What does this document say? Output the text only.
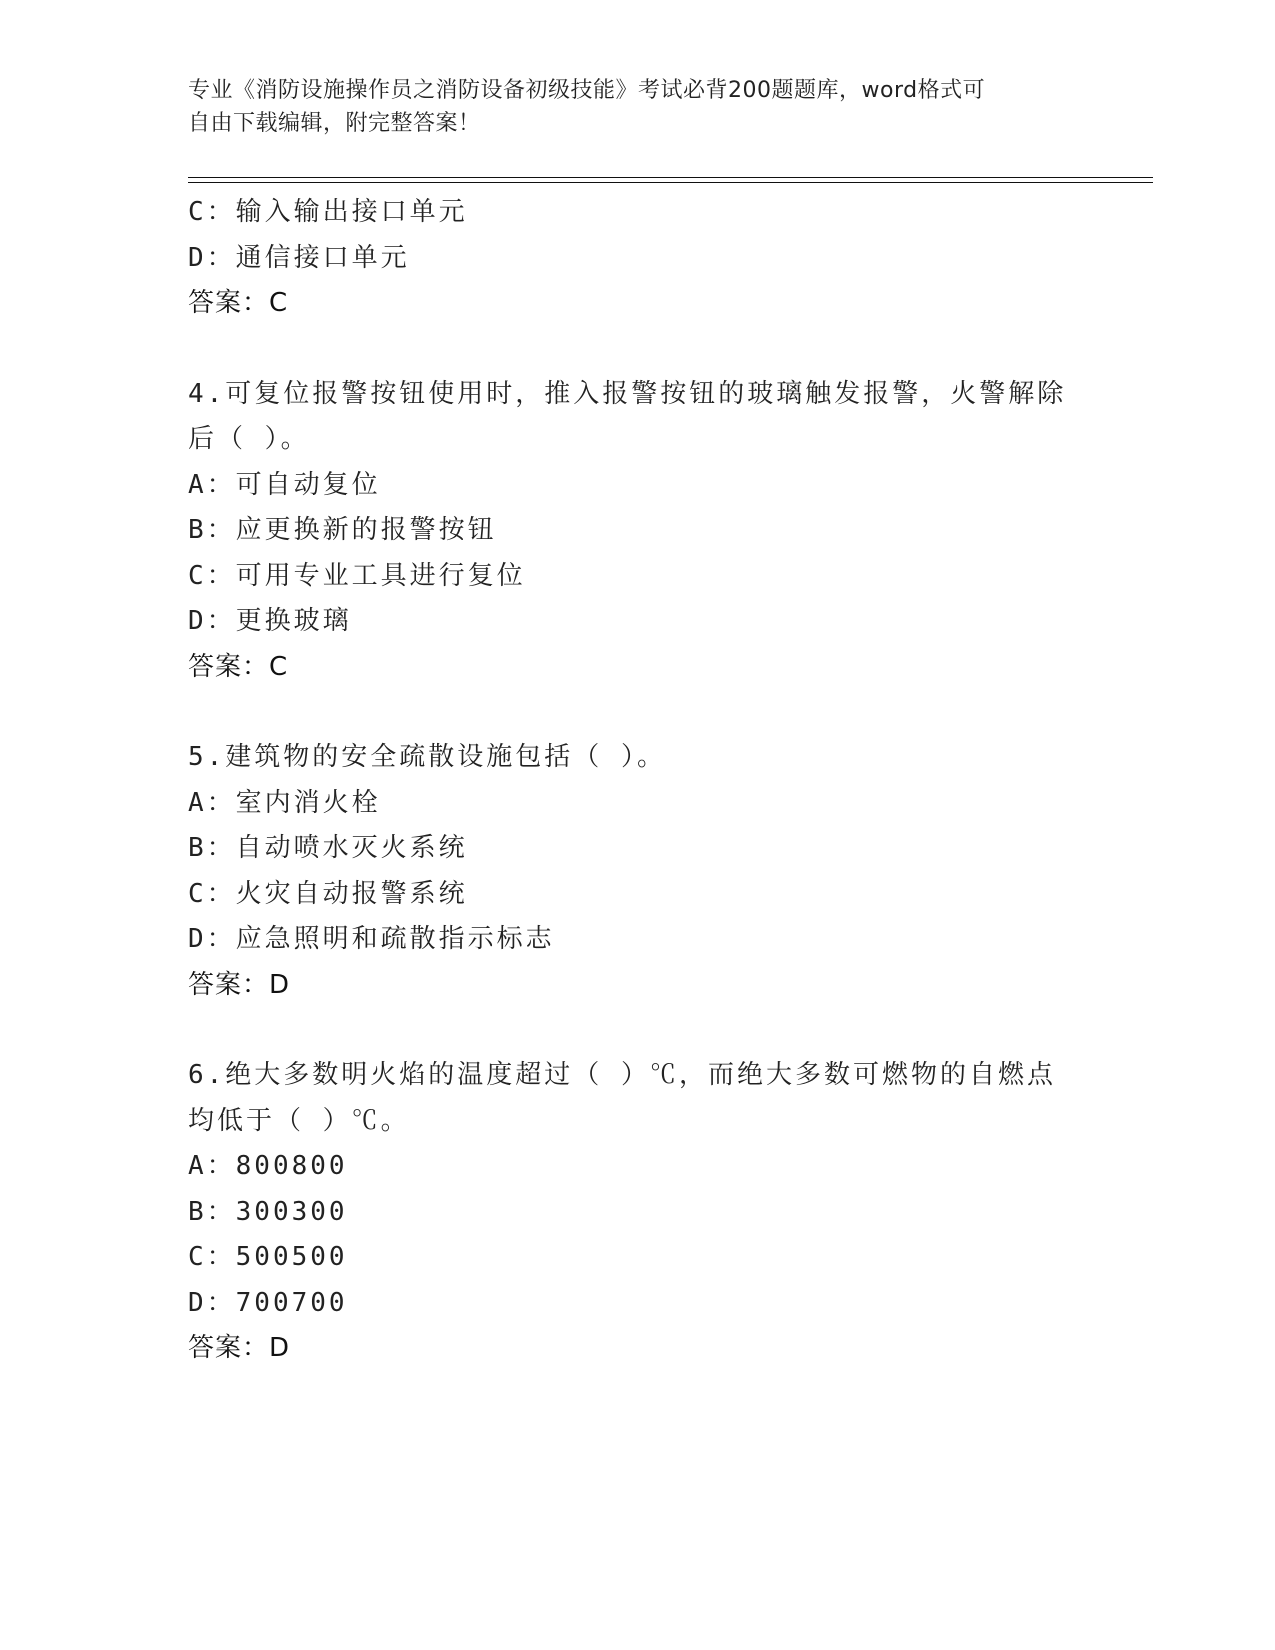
专业《消防设施操作员之消防设备初级技能》考试必背200题题库，word格式可
自由下载编辑，附完整答案！
C：输入输出接口单元
D：通信接口单元
答案：C
4.可复位报警按钮使用时，推入报警按钮的玻璃触发报警，火警解除
后（ ）。
A：可自动复位
B：应更换新的报警按钮
C：可用专业工具进行复位
D：更换玻璃
答案：C
5.建筑物的安全疏散设施包括（ ）。
A：室内消火栓
B：自动喷水灭火系统
C：火灾自动报警系统
D：应急照明和疏散指示标志
答案：D
6.绝大多数明火焰的温度超过（ ）℃，而绝大多数可燃物的自燃点
均低于（ ）℃。
A：800800
B：300300
C：500500
D：700700
答案：D
